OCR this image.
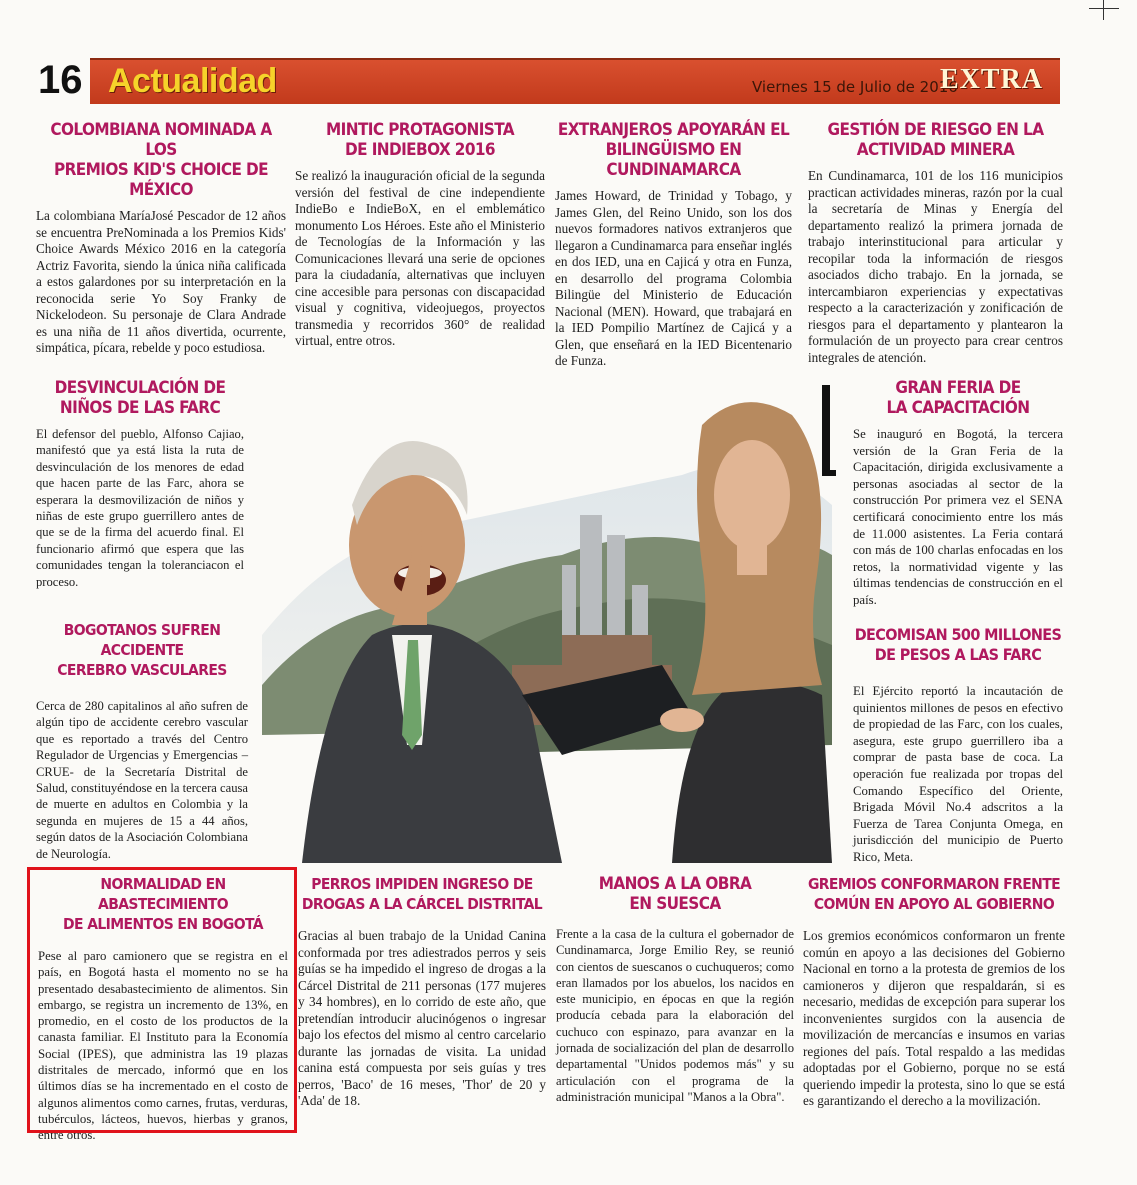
16 Actualidad	Viernes 15 de Julio de 2016
EXTRA
COLOMBIANA NOMINADA A LOS
PREMIOS KID'S CHOICE DE MÉXICO

La colombiana MaríaJosé Pescador de 12 años se encuentra PreNominada a los Premios Kids' Choice Awards México 2016 en la categoría Actriz Favorita, siendo la única niña calificada a estos galardones por su interpretación en la reconocida serie Yo Soy Franky de Nickelodeon. Su personaje de Clara Andrade es una niña de 11 años divertida, ocurrente, simpática, pícara, rebelde y poco estudiosa.

MINTIC PROTAGONISTA
DE INDIEBOX 2016

Se realizó la inauguración oficial de la segunda versión del festival de cine independiente IndieBo e IndieBoX, en el emblemático monumento Los Héroes. Este año el Ministerio de Tecnologías de la Información y las Comunicaciones llevará una serie de opciones para la ciudadanía, alternativas que incluyen cine accesible para personas con discapacidad visual y cognitiva, videojuegos, proyectos transmedia y recorridos 360° de realidad virtual, entre otros.

EXTRANJEROS APOYARÁN EL
BILINGÜISMO EN CUNDINAMARCA

James Howard, de Trinidad y Tobago, y James Glen, del Reino Unido, son los dos nuevos formadores nativos extranjeros que llegaron a Cundinamarca para enseñar inglés en dos IED, una en Cajicá y otra en Funza, en desarrollo del programa Colombia Bilingüe del Ministerio de Educación Nacional (MEN). Howard, que trabajará en la IED Pompilio Martínez de Cajicá y a Glen, que enseñará en la IED Bicentenario de Funza.

GESTIÓN DE RIESGO EN LA
ACTIVIDAD MINERA

En Cundinamarca, 101 de los 116 municipios practican actividades mineras, razón por la cual la secretaría de Minas y Energía del departamento realizó la primera jornada de trabajo interinstitucional para articular y recopilar toda la información de riesgos asociados dicho trabajo. En la jornada, se intercambiaron experiencias y expectativas respecto a la caracterización y zonificación de riesgos para el departamento y plantearon la formulación de un proyecto para crear centros integrales de atención.

DESVINCULACIÓN DE
NIÑOS DE LAS FARC

El defensor del pueblo, Alfonso Cajiao, manifestó que ya está lista la ruta de desvinculación de los menores de edad que hacen parte de las Farc, ahora se esperara la desmovilización de niños y niñas de este grupo guerrillero antes de que se de la firma del acuerdo final. El funcionario afirmó que espera que las comunidades tengan la toleranciacon el proceso.

BOGOTANOS SUFREN ACCIDENTE
CEREBRO VASCULARES

Cerca de 280 capitalinos al año sufren de algún tipo de accidente cerebro vascular que es reportado a través del Centro Regulador de Urgencias y Emergencias –CRUE- de la Secretaría Distrital de Salud, constituyéndose en la tercera causa de muerte en adultos en Colombia y la segunda en mujeres de 15 a 44 años, según datos de la Asociación Colombiana de Neurología.

GRAN FERIA DE
LA CAPACITACIÓN

Se inauguró en Bogotá, la tercera versión de la Gran Feria de la Capacitación, dirigida exclusivamente a personas asociadas al sector de la construcción Por primera vez el SENA certificará conocimiento entre los más de 11.000 asistentes. La Feria contará con más de 100 charlas enfocadas en los retos, la normatividad vigente y las últimas tendencias de construcción en el país.

DECOMISAN 500 MILLONES
DE PESOS A LAS FARC

El Ejército reportó la incautación de quinientos millones de pesos en efectivo de propiedad de las Farc, con los cuales, asegura, este grupo guerrillero iba a comprar de pasta base de coca. La operación fue realizada por tropas del Comando Específico del Oriente, Brigada Móvil No.4 adscritos a la Fuerza de Tarea Conjunta Omega, en jurisdicción del municipio de Puerto Rico, Meta.

NORMALIDAD EN ABASTECIMIENTO
DE ALIMENTOS EN BOGOTÁ

Pese al paro camionero que se registra en el país, en Bogotá hasta el momento no se ha presentado desabastecimiento de alimentos. Sin embargo, se registra un incremento de 13%, en promedio, en el costo de los productos de la canasta familiar. El Instituto para la Economía Social (IPES), que administra las 19 plazas distritales de mercado, informó que en los últimos días se ha incrementado en el costo de algunos alimentos como carnes, frutas, verduras, tubérculos, lácteos, huevos, hierbas y granos, entre otros.

PERROS IMPIDEN INGRESO DE
DROGAS A LA CÁRCEL DISTRITAL

Gracias al buen trabajo de la Unidad Canina conformada por tres adiestrados perros y seis guías se ha impedido el ingreso de drogas a la Cárcel Distrital de 211 personas (177 mujeres y 34 hombres), en lo corrido de este año, que pretendían introducir alucinógenos o ingresar bajo los efectos del mismo al centro carcelario durante las jornadas de visita. La unidad canina está compuesta por seis guías y tres perros, 'Baco' de 16 meses, 'Thor' de 20 y 'Ada' de 18.

MANOS A LA OBRA
EN SUESCA

Frente a la casa de la cultura el gobernador de Cundinamarca, Jorge Emilio Rey, se reunió con cientos de suescanos o cuchuqueros; como eran llamados por los abuelos, los nacidos en este municipio, en épocas en que la región producía cebada para la elaboración del cuchuco con espinazo, para avanzar en la jornada de socialización del plan de desarrollo departamental "Unidos podemos más" y su articulación con el programa de la administración municipal "Manos a la Obra".

GREMIOS CONFORMARON FRENTE
COMÚN EN APOYO AL GOBIERNO

Los gremios económicos conformaron un frente común en apoyo a las decisiones del Gobierno Nacional en torno a la protesta de gremios de los camioneros y dijeron que respaldarán, si es necesario, medidas de excepción para superar los inconvenientes surgidos con la ausencia de movilización de mercancías e insumos en varias regiones del país. Total respaldo a las medidas adoptadas por el Gobierno, porque no se está queriendo impedir la protesta, sino lo que se está es garantizando el derecho a la movilización.
